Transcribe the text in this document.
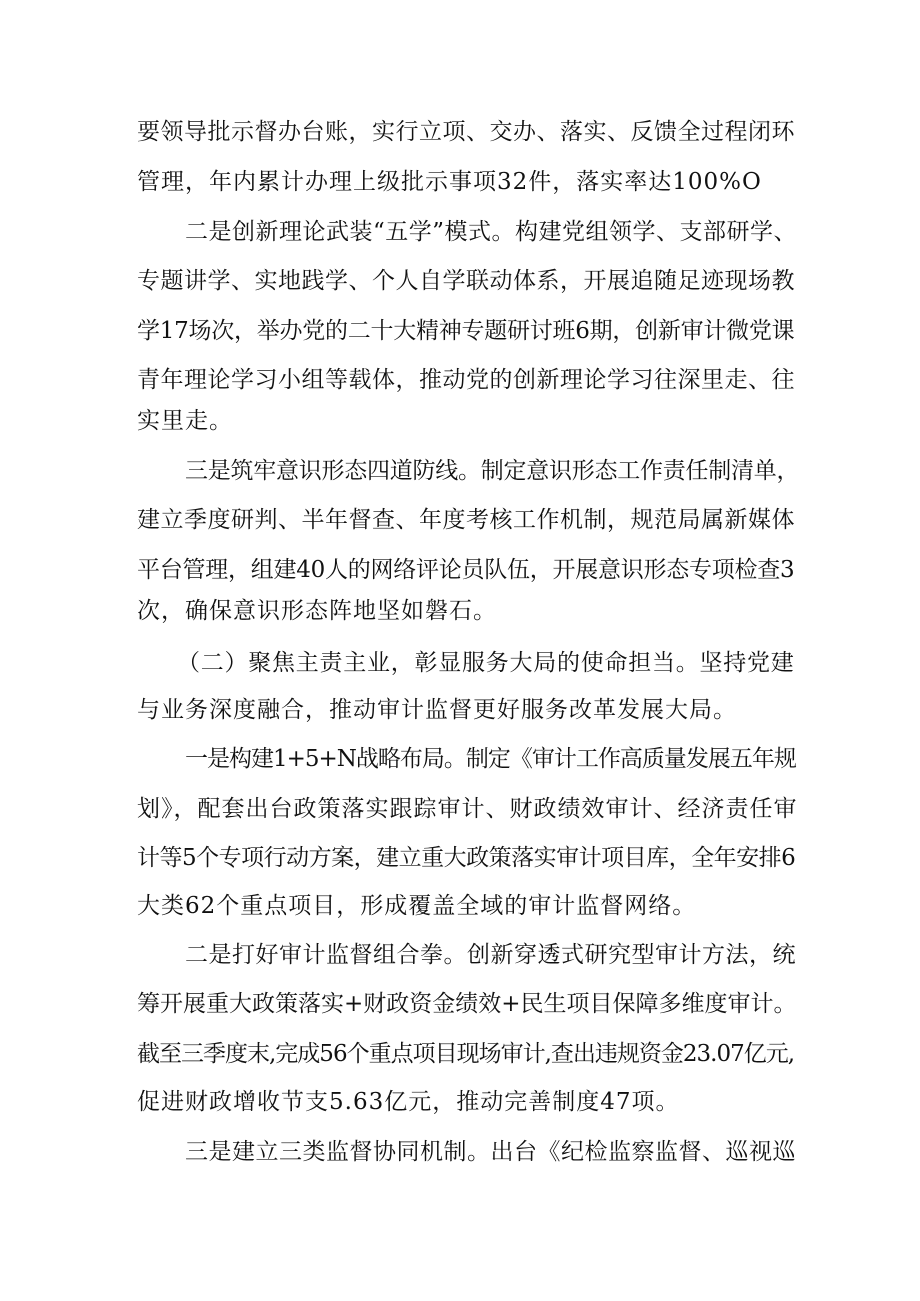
要领导批示督办台账，实行立项、交办、落实、反馈全过程闭环
管理，年内累计办理上级批示事项32件，落实率达100%O
二是创新理论武装“五学”模式。构建党组领学、支部研学、
专题讲学、实地践学、个人自学联动体系，开展追随足迹现场教
学17场次，举办党的二十大精神专题研讨班6期，创新审计微党课
青年理论学习小组等载体，推动党的创新理论学习往深里走、往
实里走。
三是筑牢意识形态四道防线。制定意识形态工作责任制清单，
建立季度研判、半年督查、年度考核工作机制，规范局属新媒体
平台管理，组建40人的网络评论员队伍，开展意识形态专项检查3
次，确保意识形态阵地坚如磐石。
（二）聚焦主责主业，彰显服务大局的使命担当。坚持党建
与业务深度融合，推动审计监督更好服务改革发展大局。
一是构建1+5+N战略布局。制定《审计工作高质量发展五年规
划》，配套出台政策落实跟踪审计、财政绩效审计、经济责任审
计等5个专项行动方案，建立重大政策落实审计项目库，全年安排6
大类62个重点项目，形成覆盖全域的审计监督网络。
二是打好审计监督组合拳。创新穿透式研究型审计方法，统
筹开展重大政策落实+财政资金绩效+民生项目保障多维度审计。
截至三季度末,完成56个重点项目现场审计,查出违规资金23.07亿元,
促进财政增收节支5.63亿元，推动完善制度47项。
三是建立三类监督协同机制。出台《纪检监察监督、巡视巡
